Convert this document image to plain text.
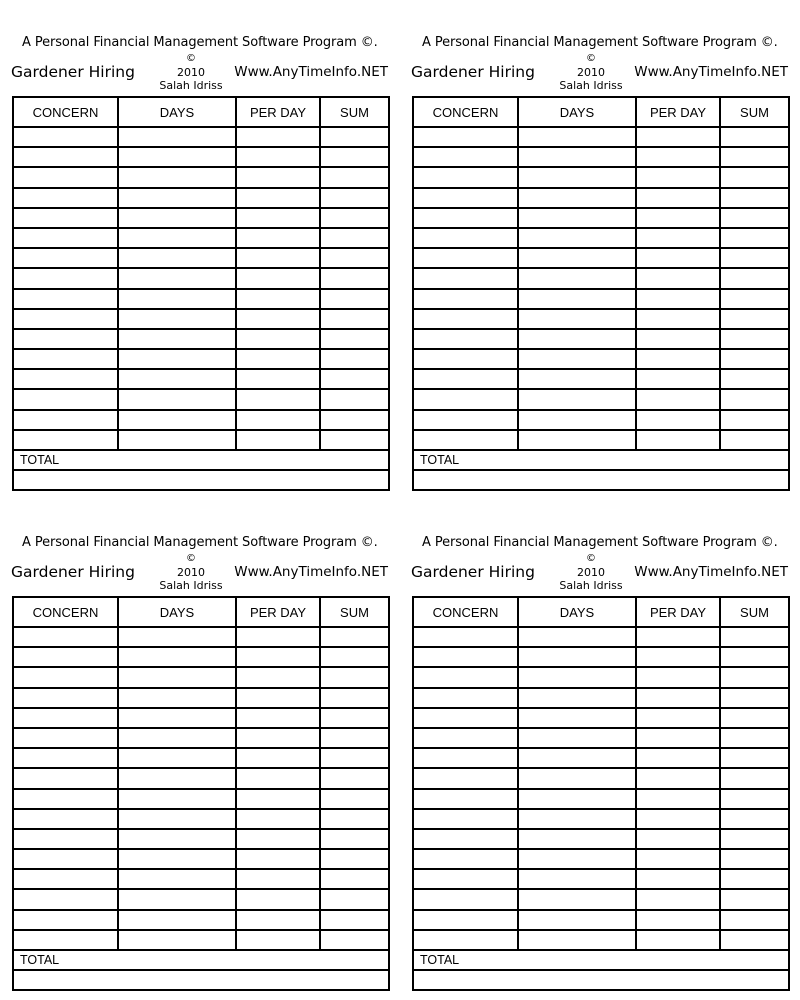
A Personal Financial Management Software Program ©.
Gardener Hiring
©
2010
Salah Idriss
Www.AnyTimeInfo.NET
CONCERN	DAYS	PER DAY	SUM

TOTAL			

A Personal Financial Management Software Program ©.
Gardener Hiring
©
2010
Salah Idriss
Www.AnyTimeInfo.NET
CONCERN	DAYS	PER DAY	SUM

TOTAL			

A Personal Financial Management Software Program ©.
Gardener Hiring
©
2010
Salah Idriss
Www.AnyTimeInfo.NET
CONCERN	DAYS	PER DAY	SUM

TOTAL			

A Personal Financial Management Software Program ©.
Gardener Hiring
©
2010
Salah Idriss
Www.AnyTimeInfo.NET
CONCERN	DAYS	PER DAY	SUM

TOTAL			
